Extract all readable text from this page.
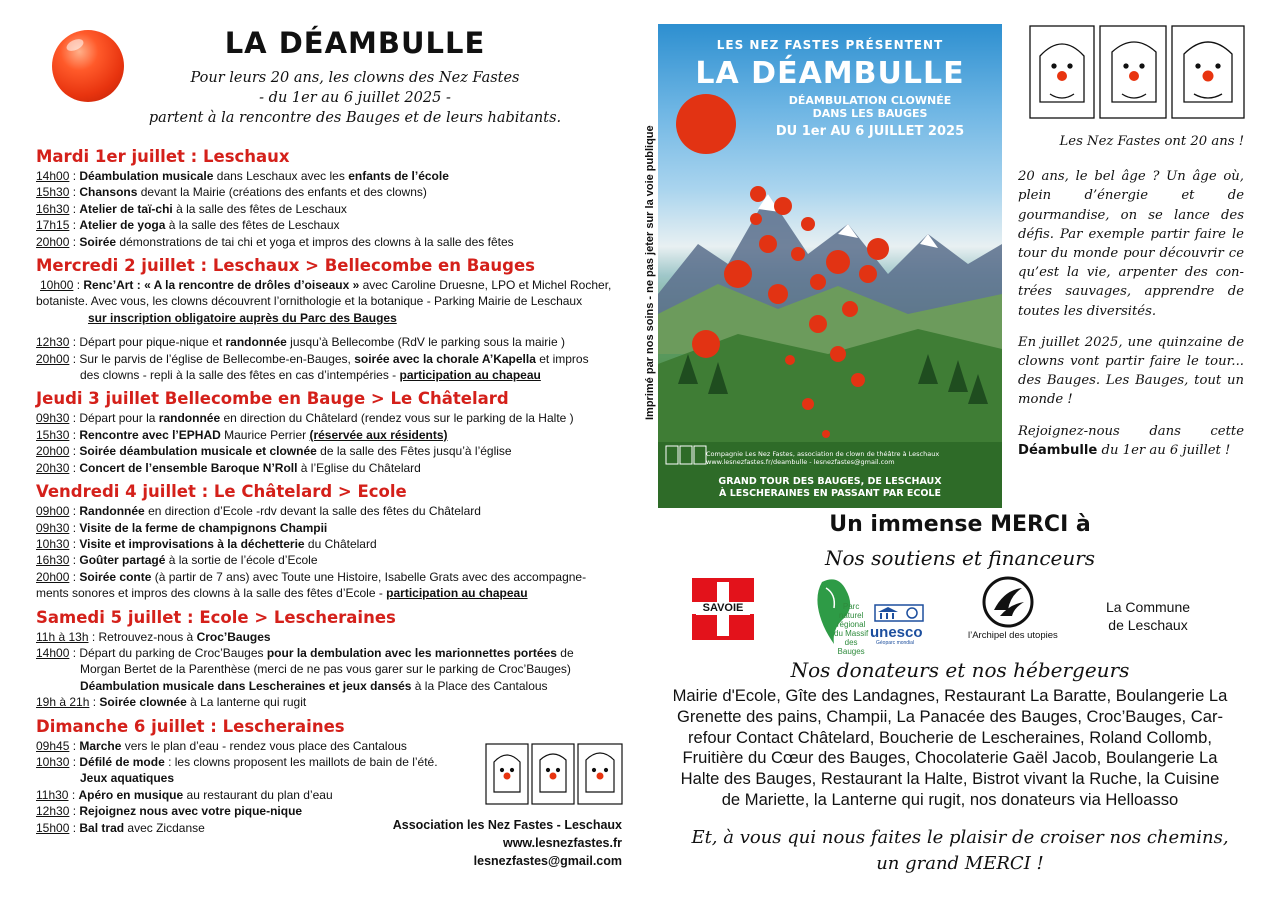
LA DÉAMBULLE
Pour leurs 20 ans, les clowns des Nez Fastes
- du 1er au 6 juillet 2025 -
partent à la rencontre des Bauges et de leurs habitants.
Mardi 1er juillet : Leschaux
14h00 : Déambulation musicale dans Leschaux avec les enfants de l’école
15h30 : Chansons devant la Mairie (créations des enfants et des clowns)
16h30 : Atelier de taï-chi à la salle des fêtes de Leschaux
17h15 : Atelier de yoga à la salle des fêtes de Leschaux
20h00 : Soirée démonstrations de tai chi et yoga et impros des clowns à la salle des fêtes
Mercredi 2 juillet : Leschaux > Bellecombe en Bauges
10h00 : Renc’Art : « A la rencontre de drôles d’oiseaux » avec Caroline Druesne, LPO et Michel Rocher,
botaniste. Avec vous, les clowns découvrent l’ornithologie et la botanique - Parking Mairie de Leschaux
sur inscription obligatoire auprès du Parc des Bauges
12h30 : Départ pour pique-nique et randonnée jusqu’à Bellecombe (RdV le parking sous la mairie )
20h00 : Sur le parvis de l’église de Bellecombe-en-Bauges, soirée avec la chorale A’Kapella et impros
des clowns - repli à la salle des fêtes en cas d’intempéries - participation au chapeau
Jeudi 3 juillet Bellecombe en Bauge > Le Châtelard
09h30 : Départ pour la randonnée en direction du Châtelard (rendez vous sur le parking de la Halte )
15h30 : Rencontre avec l’EPHAD Maurice Perrier (réservée aux résidents)
20h00 : Soirée déambulation musicale et clownée de la salle des Fêtes jusqu’à l’église
20h30 : Concert de l’ensemble Baroque N’Roll à l’Eglise du Châtelard
Vendredi 4 juillet : Le Châtelard > Ecole
09h00 : Randonnée en direction d’Ecole -rdv devant la salle des fêtes du Châtelard
09h30 : Visite de la ferme de champignons Champii
10h30 : Visite et improvisations à la déchetterie du Châtelard
16h30 : Goûter partagé à la sortie de l’école d’Ecole
20h00 : Soirée conte (à partir de 7 ans) avec Toute une Histoire, Isabelle Grats avec des accompagne-
ments sonores et impros des clowns à la salle des fêtes d’Ecole - participation au chapeau
Samedi 5 juillet : Ecole > Lescheraines
11h à 13h : Retrouvez-nous à Croc’Bauges
14h00 : Départ du parking de Croc’Bauges pour la dembulation avec les marionnettes portées de
Morgan Bertet de la Parenthèse (merci de ne pas vous garer sur le parking de Croc’Bauges)
Déambulation musicale dans Lescheraines et jeux dansés à la Place des Cantalous
19h à 21h : Soirée clownée à La lanterne qui rugit
Dimanche 6 juillet : Lescheraines
09h45 : Marche vers le plan d’eau - rendez vous place des Cantalous
10h30 : Défilé de mode : les clowns proposent les maillots de bain de l’été.
Jeux aquatiques
11h30 : Apéro en musique au restaurant du plan d’eau
12h30 : Rejoignez nous avec votre pique-nique
15h00 : Bal trad avec Zicdanse	Association les Nez Fastes - Leschaux
www.lesnezfastes.fr
lesnezfastes@gmail.com
Imprimé par nos soins - ne pas jeter sur la voie publique
LES NEZ FASTES PRÉSENTENT
LA DÉAMBULLE
DÉAMBULATION CLOWNÉE
DANS LES BAUGES
DU 1er AU 6 JUILLET 2025
Compagnie Les Nez Fastes, association de clown de théâtre à Leschaux
www.lesnezfastes.fr/deambulle - lesnezfastes@gmail.com
GRAND TOUR DES BAUGES, DE LESCHAUX
À LESCHERAINES EN PASSANT PAR ECOLE

Les Nez Fastes ont 20 ans !

20 ans, le bel âge ? Un âge où, plein d’énergie et de gourmandise, on se lance des défis. Par exemple partir faire le tour du monde pour découvrir ce qu’est la vie, arpenter des con-trées sauvages, apprendre de toutes les diversités.

En juillet 2025, une quinzaine de clowns vont partir faire le tour... des Bauges. Les Bauges, tout un monde !

Rejoignez-nous dans cette Déambulle du 1er au 6 juillet !

Un immense MERCI à
Nos soutiens et financeurs
SAVOIE	Parc
naturel
régional
du Massif
des
Bauges
unesco
Géoparc mondial
l’Archipel des utopies
La Commune
de Leschaux
Nos donateurs et nos hébergeurs
Mairie d'Ecole, Gîte des Landagnes, Restaurant La Baratte, Boulangerie La
Grenette des pains, Champii, La Panacée des Bauges, Croc’Bauges, Car-
refour Contact Châtelard, Boucherie de Lescheraines, Roland Collomb,
Fruitière du Cœur des Bauges, Chocolaterie Gaël Jacob, Boulangerie La
Halte des Bauges, Restaurant la Halte, Bistrot vivant la Ruche, la Cuisine
de Mariette, la Lanterne qui rugit, nos donateurs via Helloasso
Et, à vous qui nous faites le plaisir de croiser nos chemins,
un grand MERCI !
